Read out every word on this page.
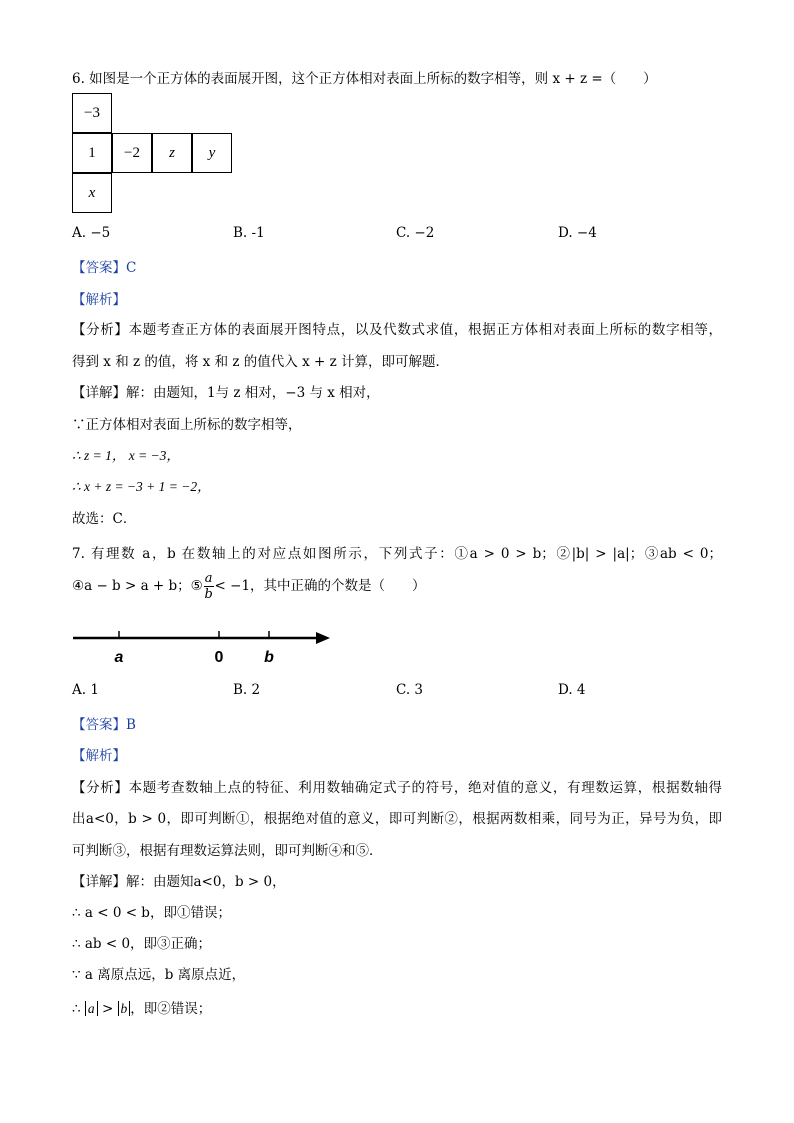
6. 如图是一个正方体的表面展开图，这个正方体相对表面上所标的数字相等，则 x + z =（　　）
−3
1	−2	z	y
x
A. −5	B. -1	C. −2	D. −4
【答案】C
【解析】
【分析】本题考查正方体的表面展开图特点，以及代数式求值，根据正方体相对表面上所标的数字相等，
得到 x 和 z 的值，将 x 和 z 的值代入 x + z 计算，即可解题．
【详解】解：由题知，1与 z 相对，−3 与 x 相对，
∵正方体相对表面上所标的数字相等，
∴ z = 1， x = −3，
∴ x + z = −3 + 1 = −2，
故选：C．
7. 有理数 a，b 在数轴上的对应点如图所示，下列式子：①a > 0 > b；②|b| > |a|；③ab < 0；
④a − b > a + b；⑤ $\frac{a}{b} < -1$，其中正确的个数是（　　）
a	0	b
A. 1	B. 2	C. 3	D. 4
【答案】B
【解析】
【分析】本题考查数轴上点的特征、利用数轴确定式子的符号，绝对值的意义，有理数运算，根据数轴得
出a<0，b > 0，即可判断①，根据绝对值的意义，即可判断②，根据两数相乘，同号为正，异号为负，即
可判断③，根据有理数运算法则，即可判断④和⑤．
【详解】解：由题知a<0，b > 0，
∴ a < 0 < b，即①错误；
∴ ab < 0，即③正确；
∵ a 离原点远，b 离原点近，
∴ a > b ，即②错误；
